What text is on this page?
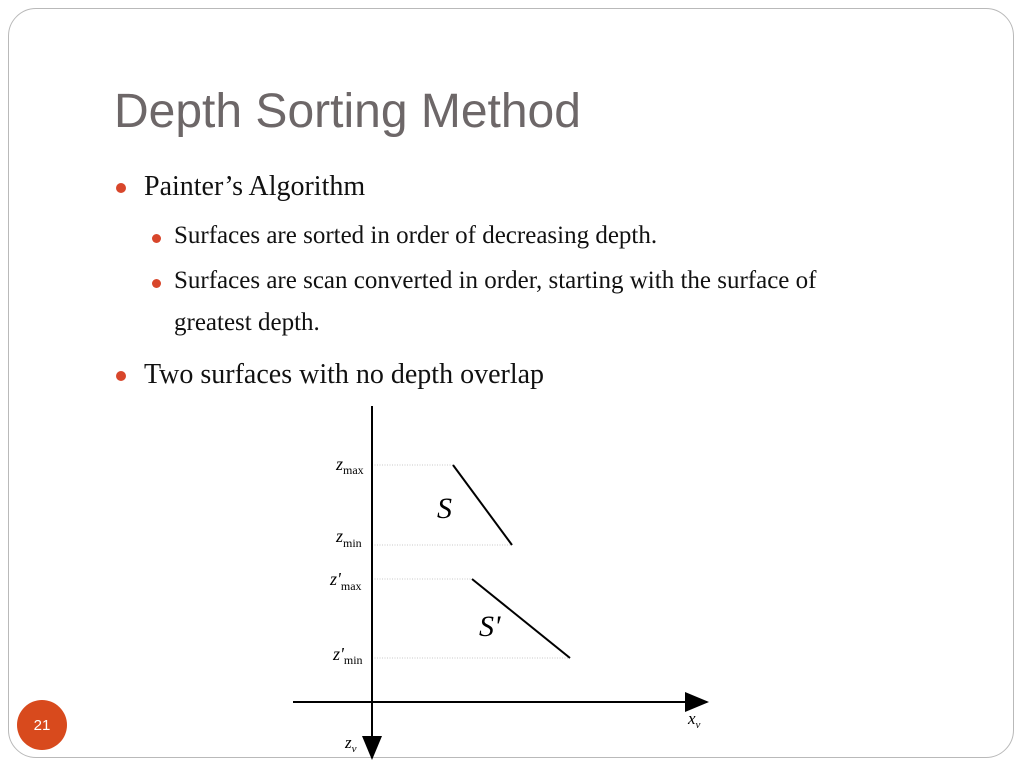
Depth Sorting Method
Painter’s Algorithm
Surfaces are sorted in order of decreasing depth.
Surfaces are scan converted in order, starting with the surface of
greatest depth.
Two surfaces with no depth overlap
$z_{max}$
$z_{min}$
$z'_{max}$
$z'_{min}$
S
S'
$x_v$
$z_v$
21
